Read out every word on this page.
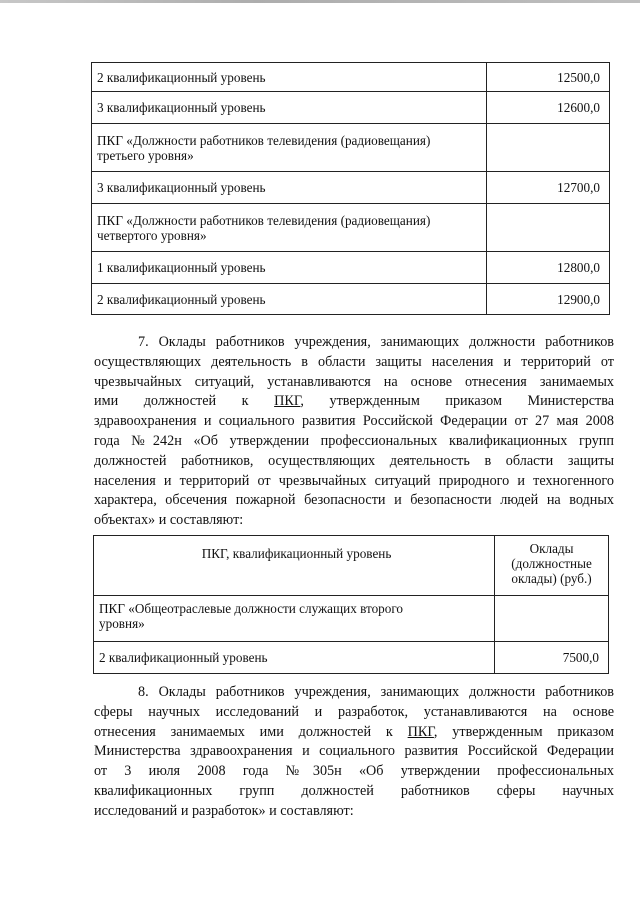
2 квалификационный уровень	12500,0
3 квалификационный уровень	12600,0
ПКГ «Должности работников телевидения (радиовещания)
третьего уровня»	
3 квалификационный уровень	12700,0
ПКГ «Должности работников телевидения (радиовещания)
четвертого уровня»	
1 квалификационный уровень	12800,0
2 квалификационный уровень	12900,0

7. Оклады работников учреждения, занимающих должности работников
осуществляющих деятельность в области защиты населения и территорий от
чрезвычайных ситуаций, устанавливаются на основе отнесения занимаемых
ими должностей к ПКГ, утвержденным приказом Министерства
здравоохранения и социального развития Российской Федерации от 27 мая 2008
года №242н «Об утверждении профессиональных квалификационных групп
должностей работников, осуществляющих деятельность в области защиты
населения и территорий от чрезвычайных ситуаций природного и техногенного
характера, обсечения пожарной безопасности и безопасности людей на водных
объектах» и составляют:

ПКГ, квалификационный уровень	Оклады
(должностные
оклады) (руб.)
ПКГ «Общеотраслевые должности служащих второго
уровня»	
2 квалификационный уровень	7500,0

8. Оклады работников учреждения, занимающих должности работников
сферы научных исследований и разработок, устанавливаются на основе
отнесения занимаемых ими должностей к ПКГ, утвержденным приказом
Министерства здравоохранения и социального развития Российской Федерации
от 3 июля 2008 года №305н «Об утверждении профессиональных
квалификационных групп должностей работников сферы научных
исследований и разработок» и составляют:
